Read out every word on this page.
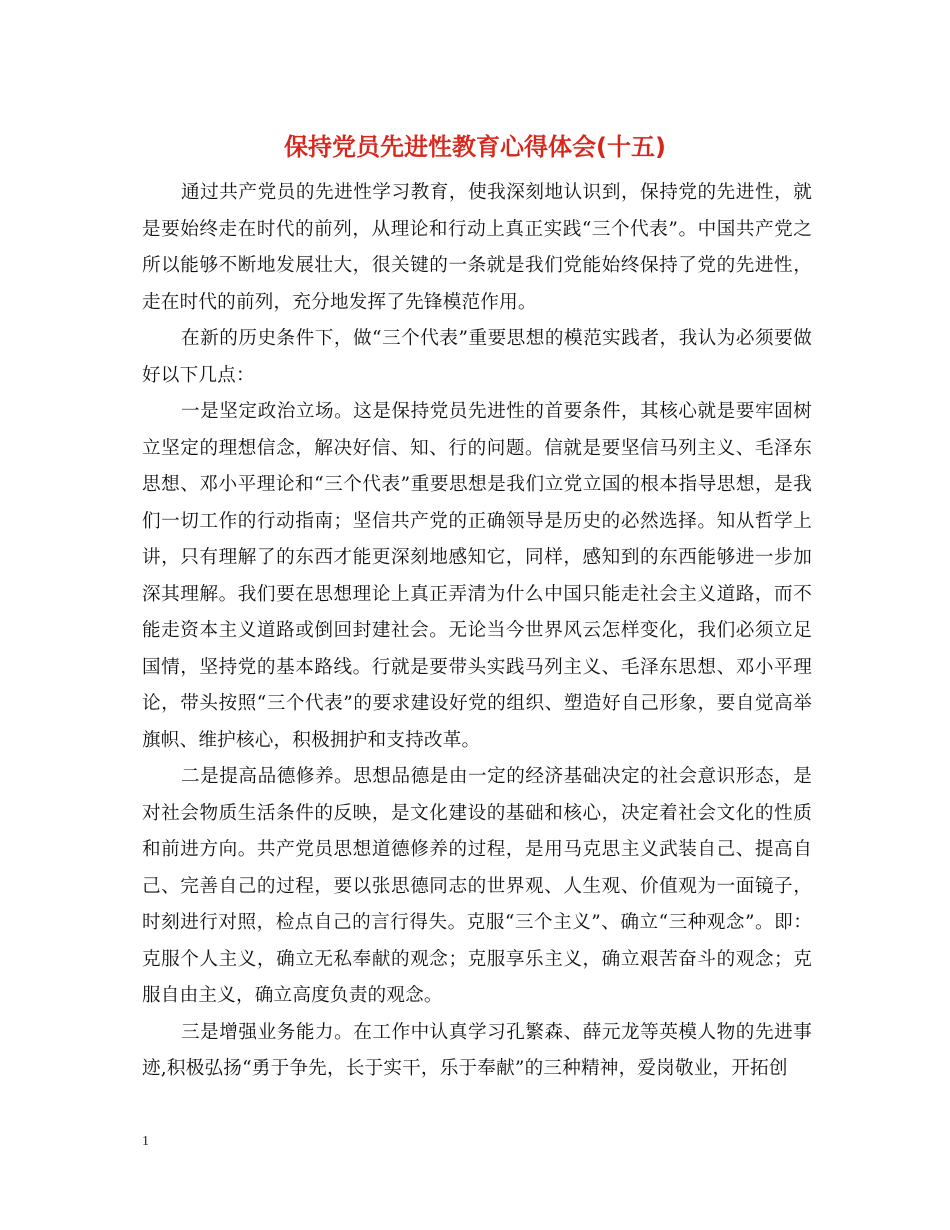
保持党员先进性教育心得体会(十五)

通过共产党员的先进性学习教育，使我深刻地认识到，保持党的先进性，就是要始终走在时代的前列，从理论和行动上真正实践“三个代表”。中国共产党之所以能够不断地发展壮大，很关键的一条就是我们党能始终保持了党的先进性，走在时代的前列，充分地发挥了先锋模范作用。

在新的历史条件下，做“三个代表”重要思想的模范实践者，我认为必须要做好以下几点：

一是坚定政治立场。这是保持党员先进性的首要条件，其核心就是要牢固树立坚定的理想信念，解决好信、知、行的问题。信就是要坚信马列主义、毛泽东思想、邓小平理论和“三个代表”重要思想是我们立党立国的根本指导思想，是我们一切工作的行动指南；坚信共产党的正确领导是历史的必然选择。知从哲学上讲，只有理解了的东西才能更深刻地感知它，同样，感知到的东西能够进一步加深其理解。我们要在思想理论上真正弄清为什么中国只能走社会主义道路，而不能走资本主义道路或倒回封建社会。无论当今世界风云怎样变化，我们必须立足国情，坚持党的基本路线。行就是要带头实践马列主义、毛泽东思想、邓小平理论，带头按照“三个代表”的要求建设好党的组织、塑造好自己形象，要自觉高举旗帜、维护核心，积极拥护和支持改革。

二是提高品德修养。思想品德是由一定的经济基础决定的社会意识形态，是对社会物质生活条件的反映，是文化建设的基础和核心，决定着社会文化的性质和前进方向。共产党员思想道德修养的过程，是用马克思主义武装自己、提高自己、完善自己的过程，要以张思德同志的世界观、人生观、价值观为一面镜子，时刻进行对照，检点自己的言行得失。克服“三个主义”、确立“三种观念”。即：克服个人主义，确立无私奉献的观念；克服享乐主义，确立艰苦奋斗的观念；克服自由主义，确立高度负责的观念。

三是增强业务能力。在工作中认真学习孔繁森、薛元龙等英模人物的先进事迹,积极弘扬“勇于争先，长于实干，乐于奉献”的三种精神，爱岗敬业，开拓创

1
